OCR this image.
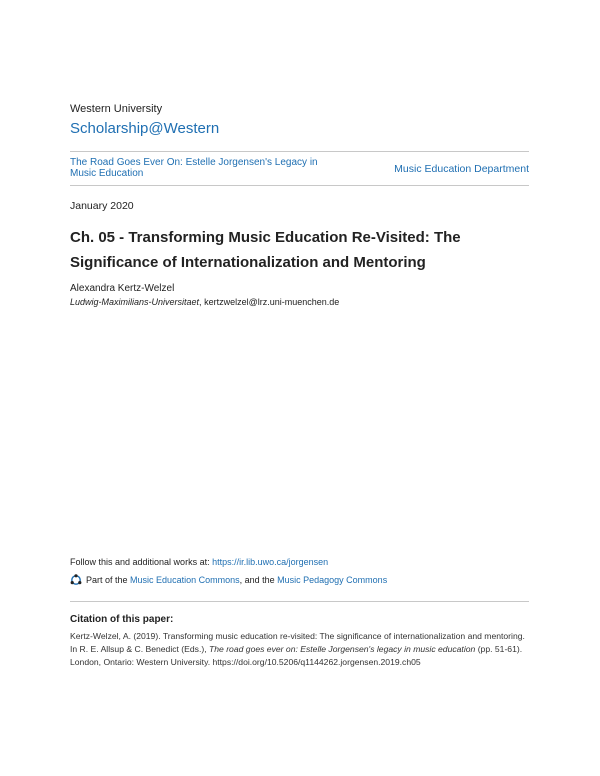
Western University
Scholarship@Western
The Road Goes Ever On: Estelle Jorgensen's Legacy in Music Education	Music Education Department
January 2020
Ch. 05 - Transforming Music Education Re-Visited: The Significance of Internationalization and Mentoring
Alexandra Kertz-Welzel
Ludwig-Maximilians-Universitaet, kertzwelzel@lrz.uni-muenchen.de
Follow this and additional works at: https://ir.lib.uwo.ca/jorgensen
Part of the
Music Education Commons , and the
Music Pedagogy Commons
Citation of this paper:
Kertz-Welzel, A. (2019). Transforming music education re-visited: The significance of internationalization and mentoring. In R. E. Allsup & C. Benedict (Eds.), The road goes ever on: Estelle Jorgensen's legacy in music education (pp. 51-61). London, Ontario: Western University. https://doi.org/10.5206/q1144262.jorgensen.2019.ch05
